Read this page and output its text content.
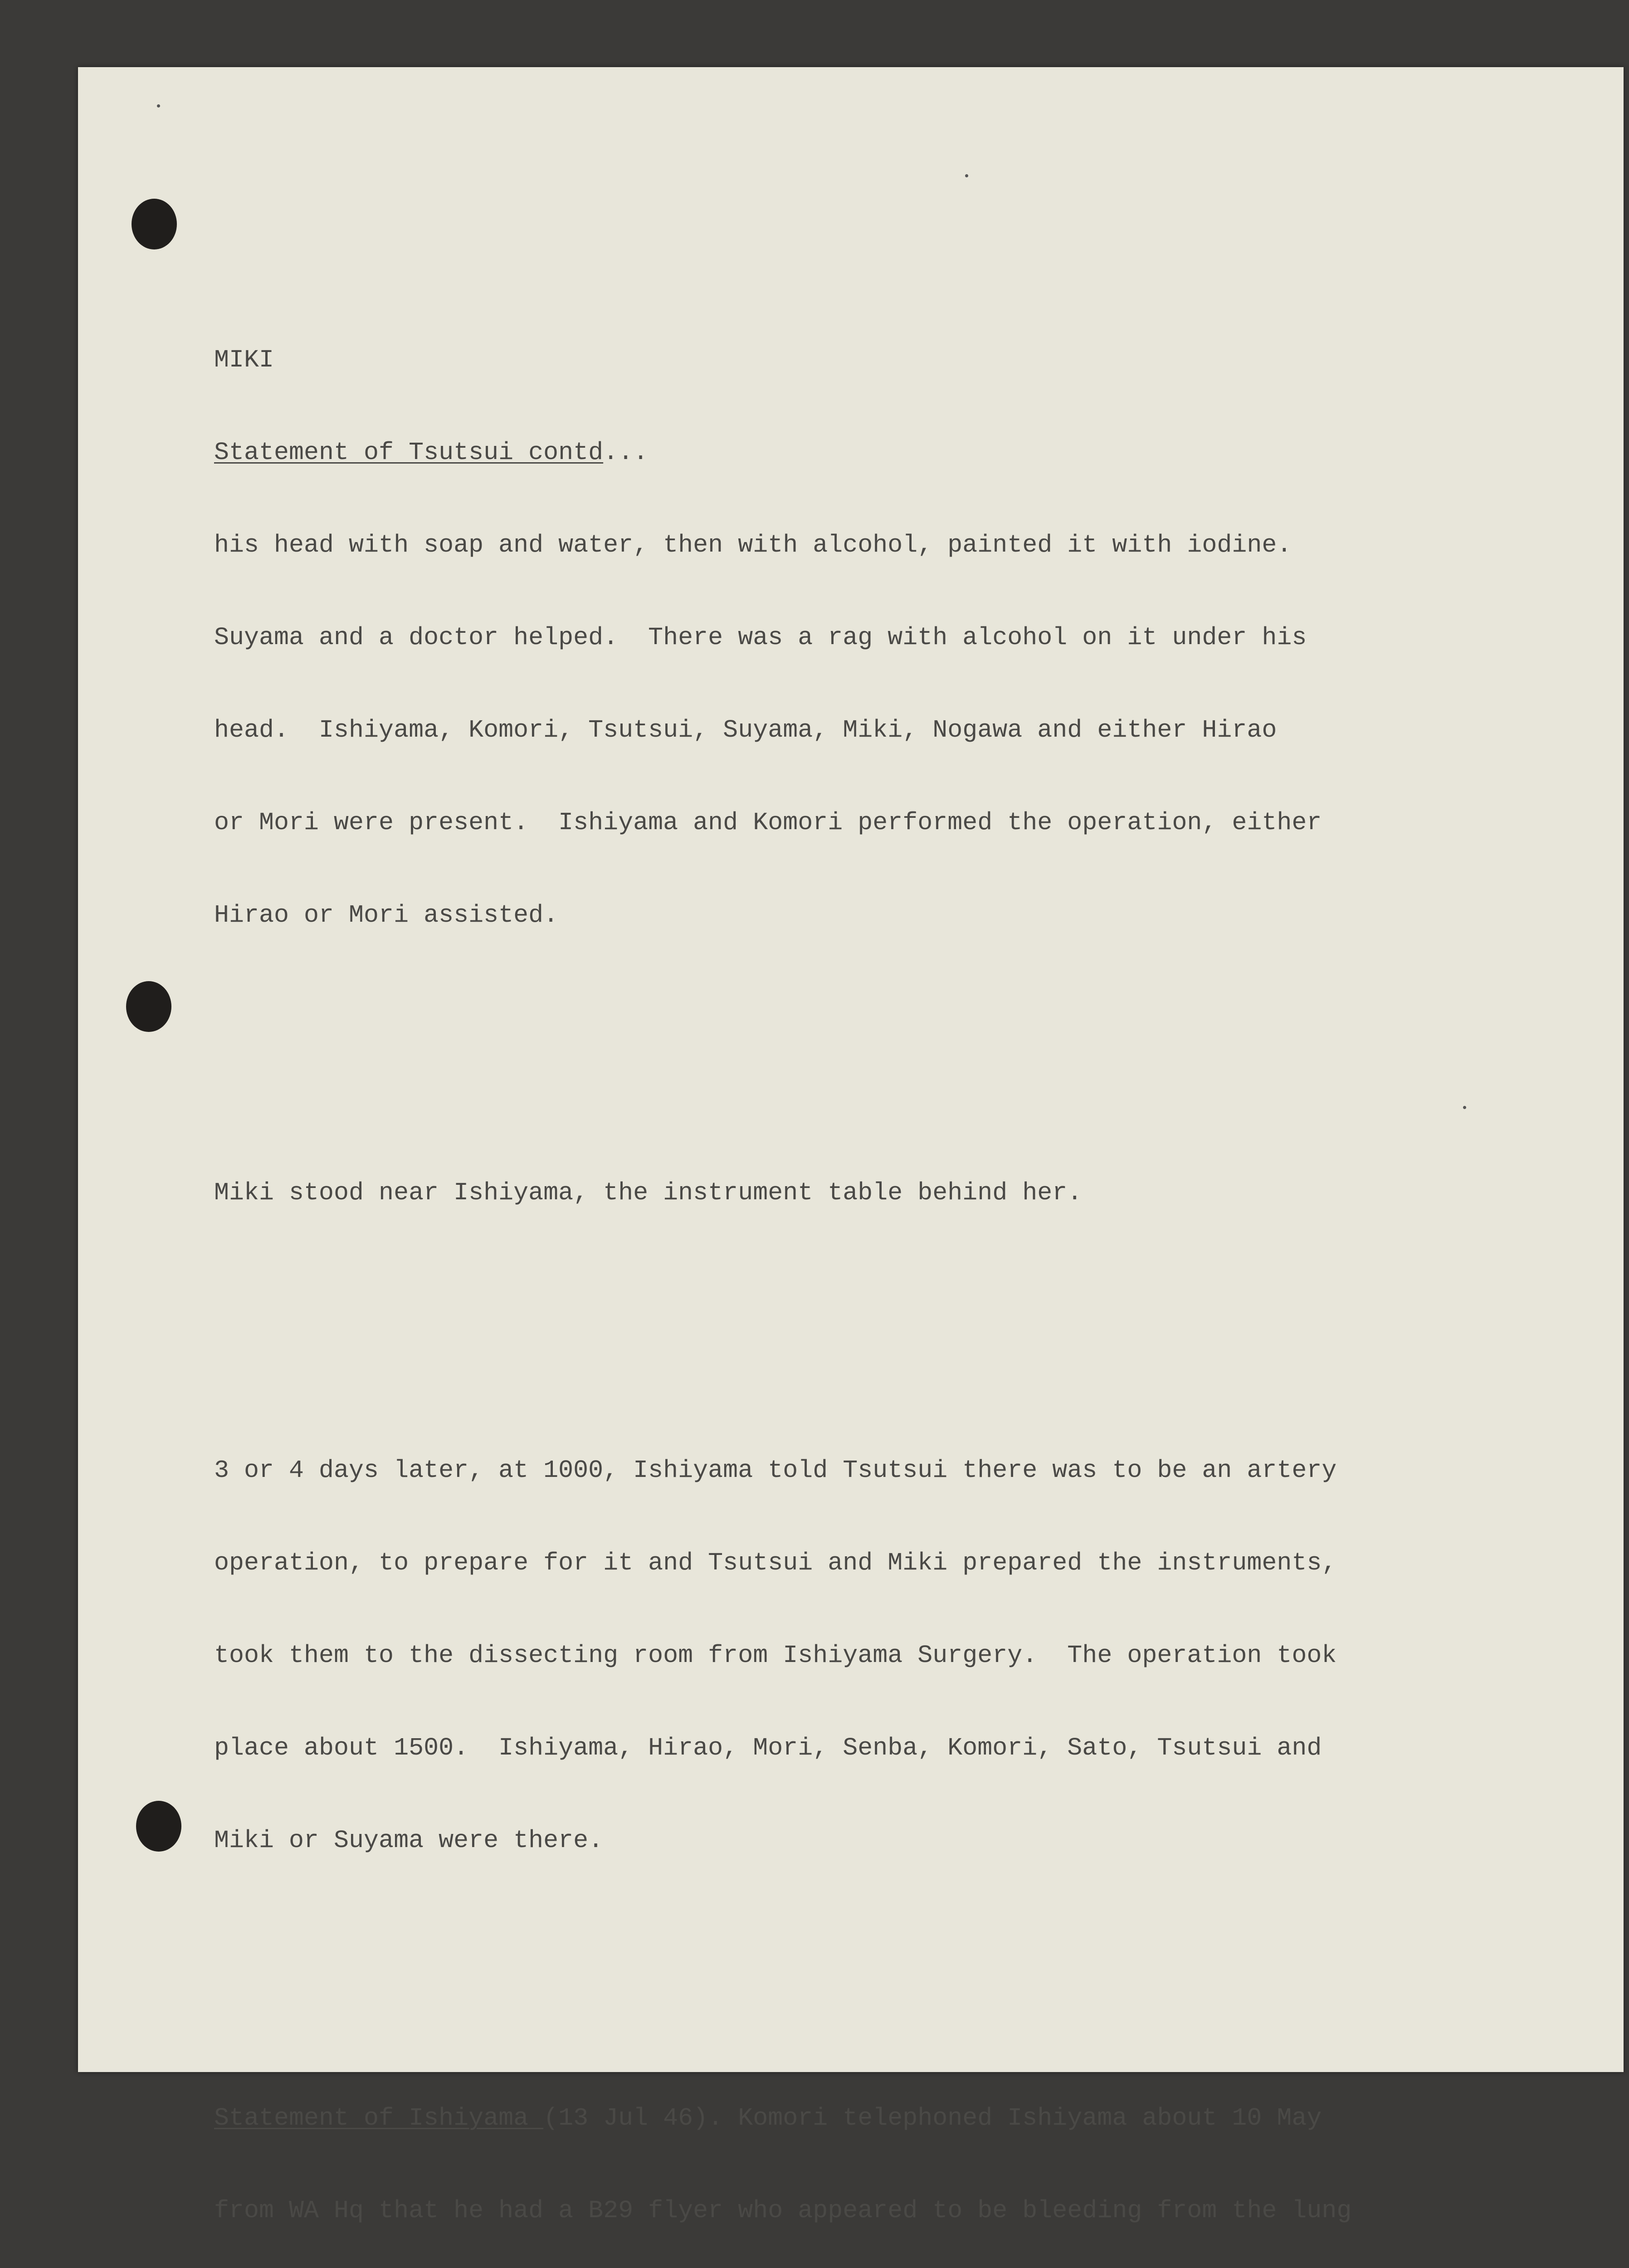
MIKI

Statement of Tsutsui contd...

his head with soap and water, then with alcohol, painted it with iodine.

Suyama and a doctor helped.  There was a rag with alcohol on it under his

head.  Ishiyama, Komori, Tsutsui, Suyama, Miki, Nogawa and either Hirao

or Mori were present.  Ishiyama and Komori performed the operation, either

Hirao or Mori assisted.

Miki stood near Ishiyama, the instrument table behind her.

3 or 4 days later, at 1000, Ishiyama told Tsutsui there was to be an artery

operation, to prepare for it and Tsutsui and Miki prepared the instruments,

took them to the dissecting room from Ishiyama Surgery.  The operation took

place about 1500.  Ishiyama, Hirao, Mori, Senba, Komori, Sato, Tsutsui and

Miki or Suyama were there.

Statement of Ishiyama (13 Jul 46). Komori telephoned Ishiyama about 10 May

from WA Hq that he had a B29 flyer who appeared to be bleeding from the lung
